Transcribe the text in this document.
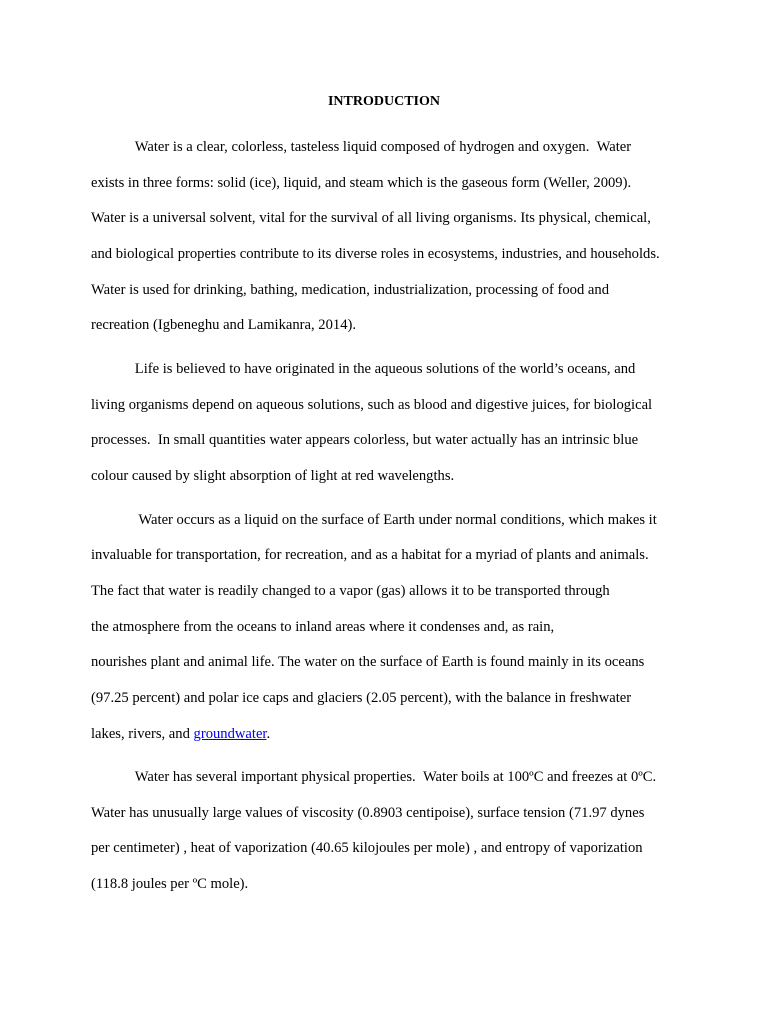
INTRODUCTION

Water is a clear, colorless, tasteless liquid composed of hydrogen and oxygen.  Water

exists in three forms: solid (ice), liquid, and steam which is the gaseous form (Weller, 2009).

Water is a universal solvent, vital for the survival of all living organisms. Its physical, chemical,

and biological properties contribute to its diverse roles in ecosystems, industries, and households.

Water is used for drinking, bathing, medication, industrialization, processing of food and

recreation (Igbeneghu and Lamikanra, 2014).

Life is believed to have originated in the aqueous solutions of the world’s oceans, and

living organisms depend on aqueous solutions, such as blood and digestive juices, for biological

processes.  In small quantities water appears colorless, but water actually has an intrinsic blue

colour caused by slight absorption of light at red wavelengths.

Water occurs as a liquid on the surface of Earth under normal conditions, which makes it

invaluable for transportation, for recreation, and as a habitat for a myriad of plants and animals.

The fact that water is readily changed to a vapor (gas) allows it to be transported through

the atmosphere from the oceans to inland areas where it condenses and, as rain,

nourishes plant and animal life. The water on the surface of Earth is found mainly in its oceans

(97.25 percent) and polar ice caps and glaciers (2.05 percent), with the balance in freshwater

lakes, rivers, and groundwater.

Water has several important physical properties.  Water boils at 100ºC and freezes at 0ºC.

Water has unusually large values of viscosity (0.8903 centipoise), surface tension (71.97 dynes

per centimeter) , heat of vaporization (40.65 kilojoules per mole) , and entropy of vaporization

(118.8 joules per ºC mole).
